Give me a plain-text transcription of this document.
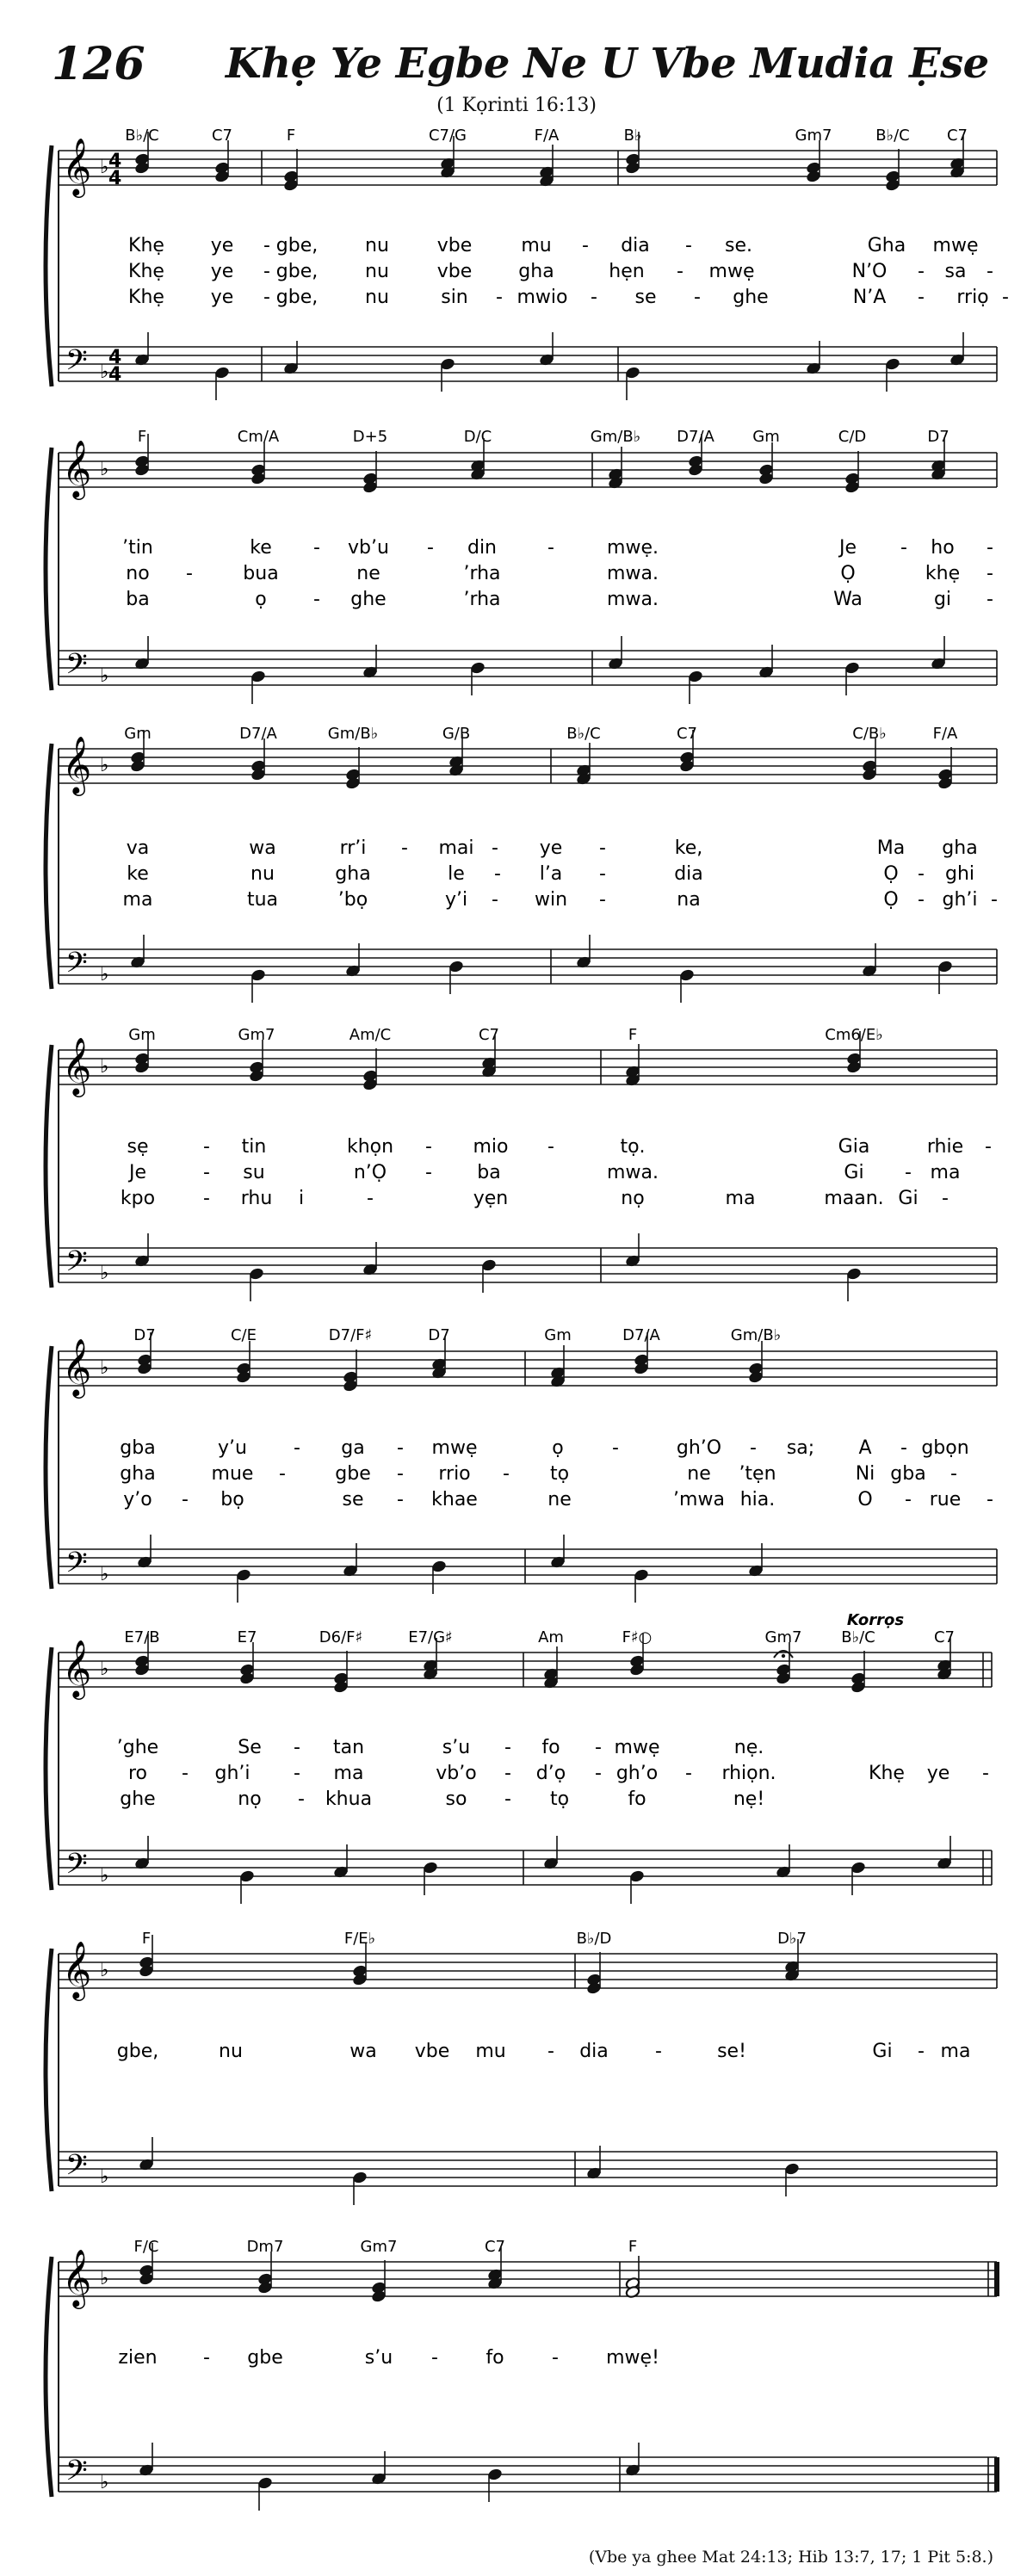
126 Khẹ Ye Egbe Ne U Vbe Mudia Ẹse
(1 Kọrinti 16:13)
𝄞
𝄢
♭
♭
B♭/C	C7	F	C7/G	F/A	B♭	Gm7	B♭/C C7
Khẹ ye - gbe, nu	vbe	mu - dia - se.	Gha mwẹ
Khẹ ye - gbe, nu	vbe gha	hẹn - mwẹ	N’O - sa -
Khẹ ye - gbe, nu	sin - mwio - se - ghe	N’A - rriọ -
𝄞
𝄢
♭
♭
F	Cm/A	D+5	D/C	Gm/B♭ D7/A Gm	C/D	D7
’tin	ke - vb’u - din	-	mwẹ.	Je - ho -
no -	bua	ne	’rha	mwa.	Ọ	khẹ -
ba	ọ - ghe	’rha	mwa.	Wa	gi -
𝄞
𝄢
♭
♭
Gm	D7/A	Gm/B♭	G/B	B♭/C	C7	C/B♭	F/A
va	wa	rr’i - mai - ye -	ke,	Ma gha
ke	nu	gha	le - l’a -	dia	Ọ - ghi
ma	tua	’bọ	y’i - win -	na	Ọ - gh’i -
𝄞
𝄢
♭
♭
Gm	Gm7	Am/C	C7	F	Cm6/E♭
sẹ	- tin	khọn - mio -	tọ.	Gia	rhie -
Je	- su	n’Ọ - ba	mwa.	Gi - ma
kpo	- rhu i	-	yẹn	nọ	maan. Gi -
ma
𝄞
𝄢
♭
♭
D7	C/E	D7/F♯	D7	Gm	D7/A	Gm/B♭
gba	y’u - ga - mwẹ	ọ	-	gh’O - sa; A - gbọn
gha	mue -	gbe - rrio - tọ	ne ’tẹn	Ni gba -
y’o - bọ	se - khae	ne	’mwa hia.	O - rue -
𝄞
𝄢
♭
♭
E7/B	E7	D6/F♯	E7/G♯	Am	F♯○	Gm7	B♭/C	C7
’ghe	Se - tan	s’u - fo - mwẹ	nẹ.
ro - gh’i - ma	vb’o - d’ọ - gh’o - rhiọn.	Khẹ ye -
ghe	nọ - khua	so - tọ	fo	nẹ!
𝄞
𝄢
♭
♭
F	F/E♭	B♭/D	D♭7
gbe,	nu	wa vbe mu - dia -	se!	Gi - ma
𝄞
𝄢
♭
♭
F/C	Dm7	Gm7	C7	F
zien - gbe	s’u -	fo	-	mwẹ!
4
4
4
4
Korrọs
(Vbe ya ghee Mat 24:13; Hib 13:7, 17; 1 Pit 5:8.)
